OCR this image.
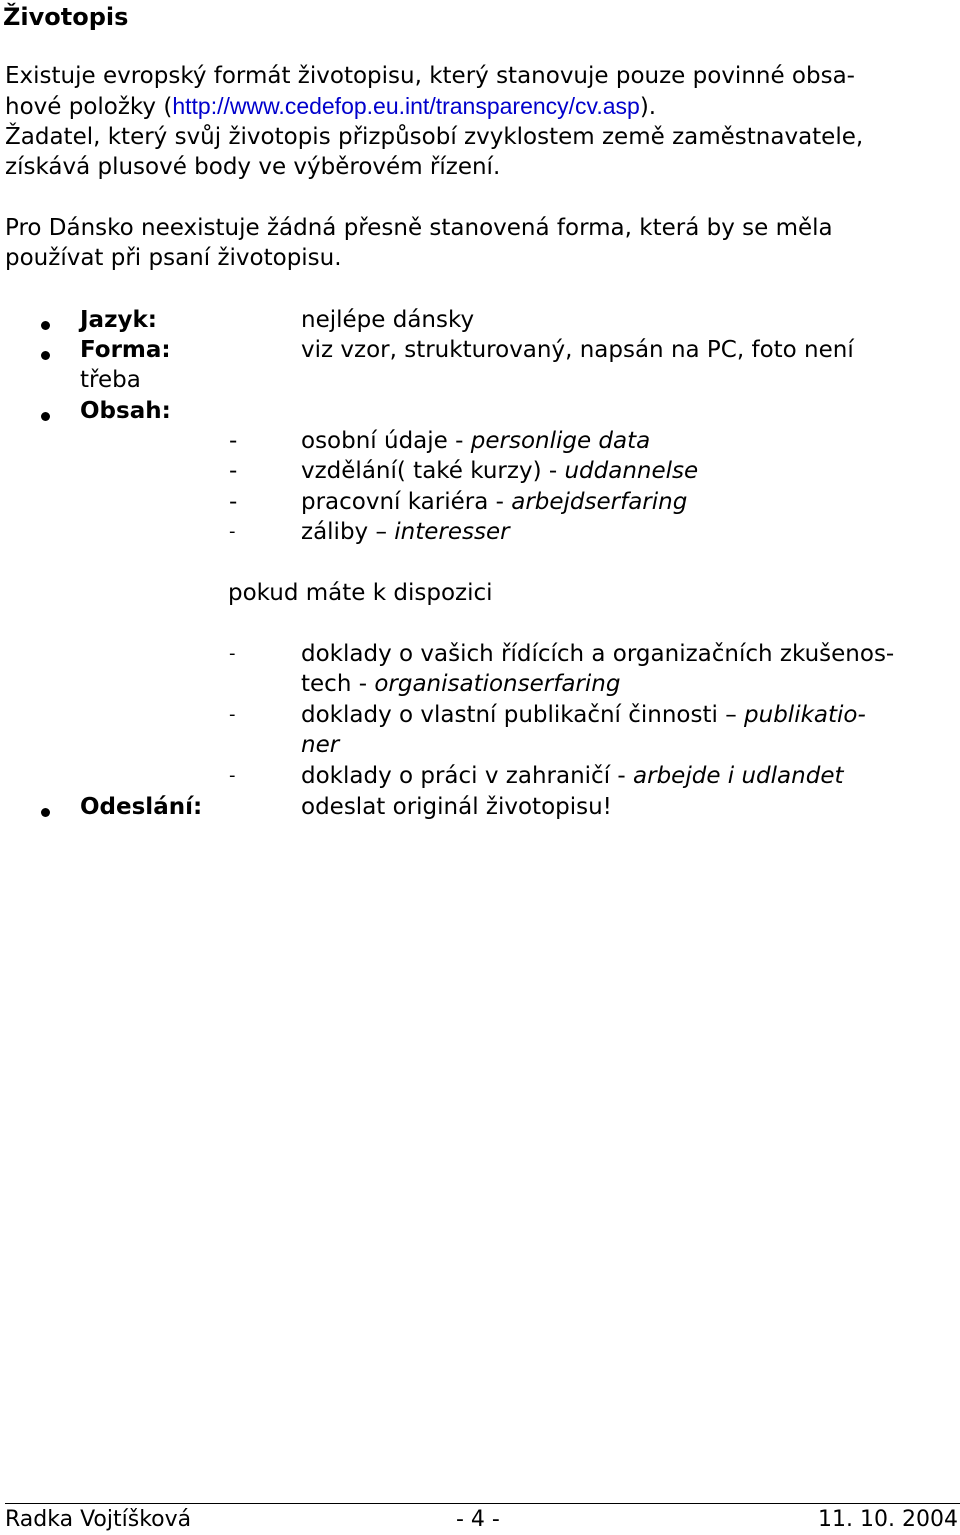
Životopis
Existuje evropský formát životopisu, který stanovuje pouze povinné obsa-
hové položky (http://www.cedefop.eu.int/transparency/cv.asp).
Žadatel, který svůj životopis přizpůsobí zvyklostem země zaměstnavatele,
získává plusové body ve výběrovém řízení.
Pro Dánsko neexistuje žádná přesně stanovená forma, která by se měla
používat při psaní životopisu.
Jazyk:	nejlépe dánsky
Forma:	viz vzor, strukturovaný, napsán na PC, foto není
třeba
Obsah:
-	osobní údaje - personlige data
-	vzdělání( také kurzy) - uddannelse
-	pracovní kariéra - arbejdserfaring
-	záliby – interesser
pokud máte k dispozici
-	doklady o vašich řídících a organizačních zkušenos-
tech - organisationserfaring
-	doklady o vlastní publikační činnosti – publikatio-
ner
-	doklady o práci v zahraničí - arbejde i udlandet
Odeslání:	odeslat originál životopisu!
Radka Vojtíšková	- 4 -	11. 10. 2004
